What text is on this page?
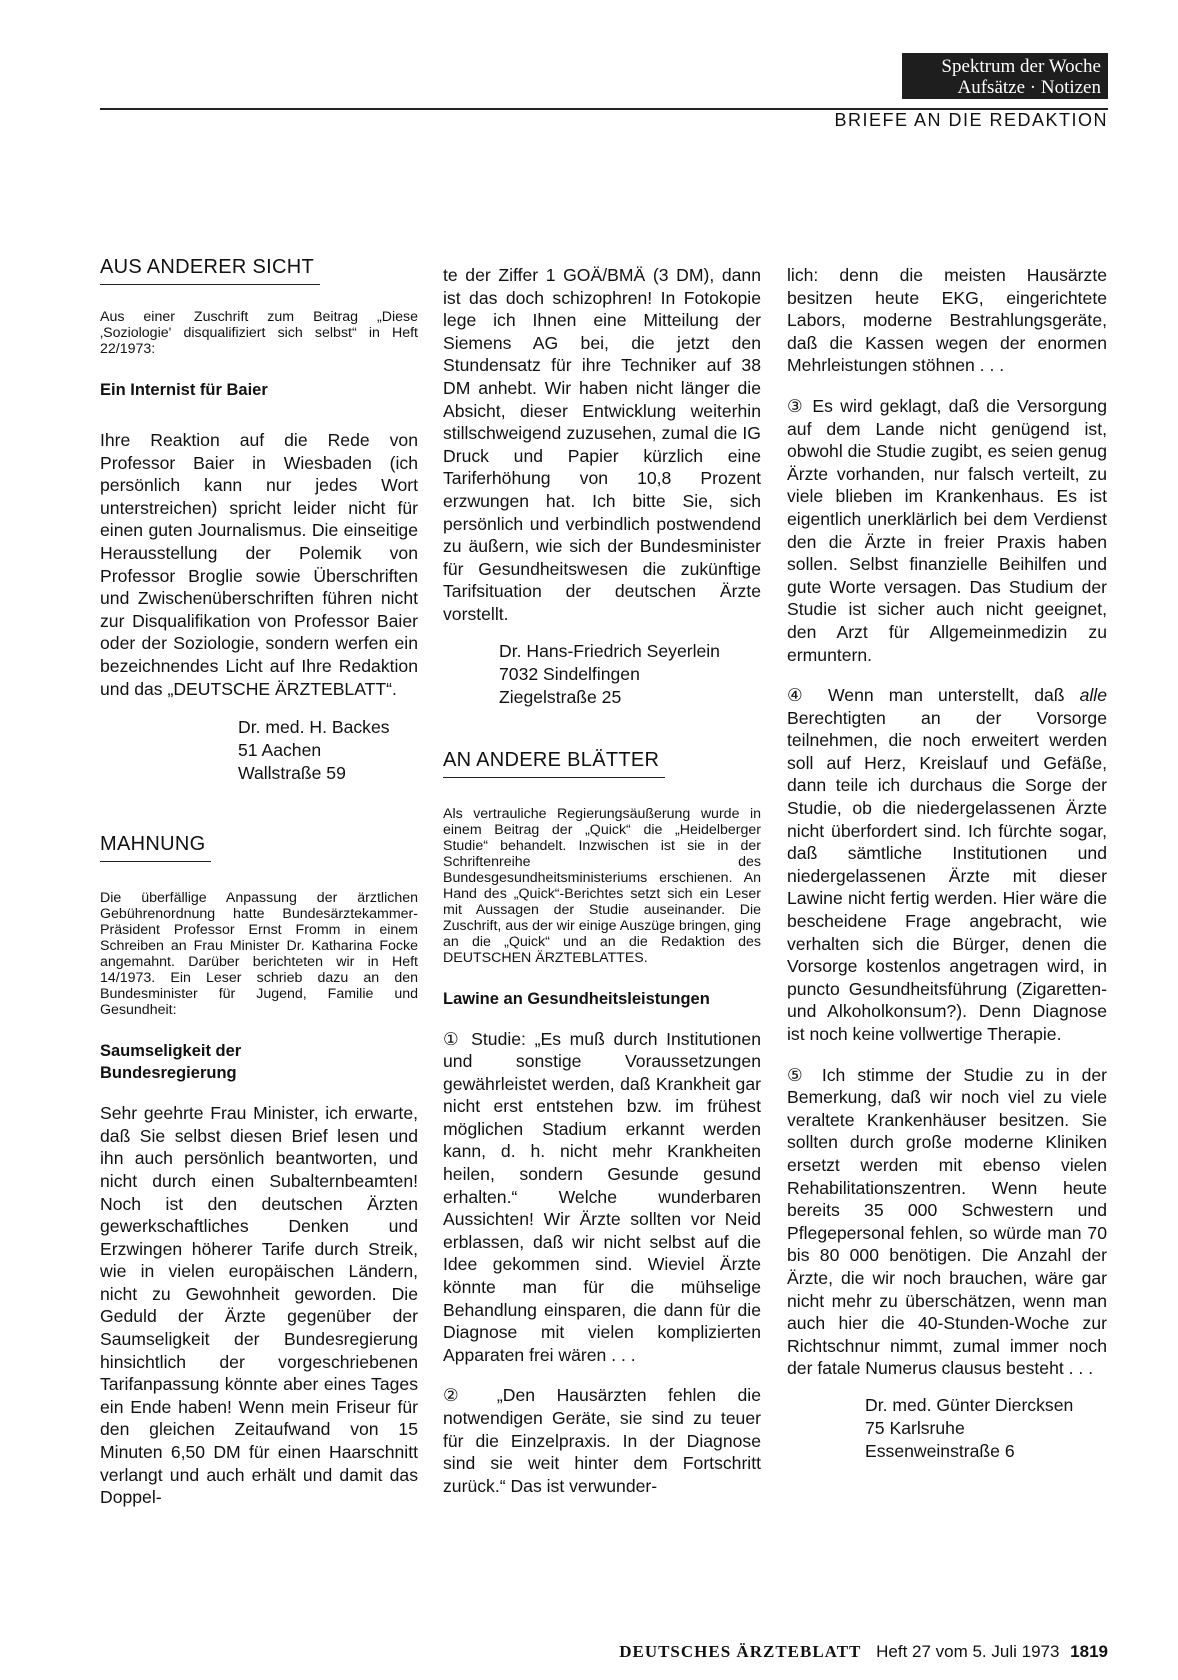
Spektrum der Woche
Aufsätze · Notizen
BRIEFE AN DIE REDAKTION
AUS ANDERER SICHT

Aus einer Zuschrift zum Beitrag „Diese ‚Soziologie' disqualifiziert sich selbst“ in Heft 22/1973:

Ein Internist für Baier

Ihre Reaktion auf die Rede von Professor Baier in Wiesbaden (ich persönlich kann nur jedes Wort unterstreichen) spricht leider nicht für einen guten Journalismus. Die einseitige Herausstellung der Polemik von Professor Broglie sowie Überschriften und Zwischenüberschriften führen nicht zur Disqualifikation von Professor Baier oder der Soziologie, sondern werfen ein bezeichnendes Licht auf Ihre Redaktion und das „DEUTSCHE ÄRZTEBLATT“.

Dr. med. H. Backes
51 Aachen
Wallstraße 59

MAHNUNG

Die überfällige Anpassung der ärztlichen Gebührenordnung hatte Bundesärztekammer-Präsident Professor Ernst Fromm in einem Schreiben an Frau Minister Dr. Katharina Focke angemahnt. Darüber berichteten wir in Heft 14/1973. Ein Leser schrieb dazu an den Bundesminister für Jugend, Familie und Gesundheit:

Saumseligkeit der Bundesregierung

Sehr geehrte Frau Minister, ich erwarte, daß Sie selbst diesen Brief lesen und ihn auch persönlich beantworten, und nicht durch einen Subalternbeamten! Noch ist den deutschen Ärzten gewerkschaftliches Denken und Erzwingen höherer Tarife durch Streik, wie in vielen europäischen Ländern, nicht zu Gewohnheit geworden. Die Geduld der Ärzte gegenüber der Saumseligkeit der Bundesregierung hinsichtlich der vorgeschriebenen Tarifanpassung könnte aber eines Tages ein Ende haben! Wenn mein Friseur für den gleichen Zeitaufwand von 15 Minuten 6,50 DM für einen Haarschnitt verlangt und auch erhält und damit das Doppel-

te der Ziffer 1 GOÄ/BMÄ (3 DM), dann ist das doch schizophren! In Fotokopie lege ich Ihnen eine Mitteilung der Siemens AG bei, die jetzt den Stundensatz für ihre Techniker auf 38 DM anhebt. Wir haben nicht länger die Absicht, dieser Entwicklung weiterhin stillschweigend zuzusehen, zumal die IG Druck und Papier kürzlich eine Tariferhöhung von 10,8 Prozent erzwungen hat. Ich bitte Sie, sich persönlich und verbindlich postwendend zu äußern, wie sich der Bundesminister für Gesundheitswesen die zukünftige Tarifsituation der deutschen Ärzte vorstellt.

Dr. Hans-Friedrich Seyerlein
7032 Sindelfingen
Ziegelstraße 25

AN ANDERE BLÄTTER

Als vertrauliche Regierungsäußerung wurde in einem Beitrag der „Quick“ die „Heidelberger Studie“ behandelt. Inzwischen ist sie in der Schriftenreihe des Bundesgesundheitsministeriums erschienen. An Hand des „Quick“-Berichtes setzt sich ein Leser mit Aussagen der Studie auseinander. Die Zuschrift, aus der wir einige Auszüge bringen, ging an die „Quick“ und an die Redaktion des DEUTSCHEN ÄRZTEBLATTES.

Lawine an Gesundheitsleistungen

① Studie: „Es muß durch Institutionen und sonstige Voraussetzungen gewährleistet werden, daß Krankheit gar nicht erst entstehen bzw. im frühest möglichen Stadium erkannt werden kann, d. h. nicht mehr Krankheiten heilen, sondern Gesunde gesund erhalten.“ Welche wunderbaren Aussichten! Wir Ärzte sollten vor Neid erblassen, daß wir nicht selbst auf die Idee gekommen sind. Wieviel Ärzte könnte man für die mühselige Behandlung einsparen, die dann für die Diagnose mit vielen komplizierten Apparaten frei wären . . .

② „Den Hausärzten fehlen die notwendigen Geräte, sie sind zu teuer für die Einzelpraxis. In der Diagnose sind sie weit hinter dem Fortschritt zurück.“ Das ist verwunder-

lich: denn die meisten Hausärzte besitzen heute EKG, eingerichtete Labors, moderne Bestrahlungsgeräte, daß die Kassen wegen der enormen Mehrleistungen stöhnen . . .

③ Es wird geklagt, daß die Versorgung auf dem Lande nicht genügend ist, obwohl die Studie zugibt, es seien genug Ärzte vorhanden, nur falsch verteilt, zu viele blieben im Krankenhaus. Es ist eigentlich unerklärlich bei dem Verdienst den die Ärzte in freier Praxis haben sollen. Selbst finanzielle Beihilfen und gute Worte versagen. Das Studium der Studie ist sicher auch nicht geeignet, den Arzt für Allgemeinmedizin zu ermuntern.

④ Wenn man unterstellt, daß alle Berechtigten an der Vorsorge teilnehmen, die noch erweitert werden soll auf Herz, Kreislauf und Gefäße, dann teile ich durchaus die Sorge der Studie, ob die niedergelassenen Ärzte nicht überfordert sind. Ich fürchte sogar, daß sämtliche Institutionen und niedergelassenen Ärzte mit dieser Lawine nicht fertig werden. Hier wäre die bescheidene Frage angebracht, wie verhalten sich die Bürger, denen die Vorsorge kostenlos angetragen wird, in puncto Gesundheitsführung (Zigaretten- und Alkoholkonsum?). Denn Diagnose ist noch keine vollwertige Therapie.

⑤ Ich stimme der Studie zu in der Bemerkung, daß wir noch viel zu viele veraltete Krankenhäuser besitzen. Sie sollten durch große moderne Kliniken ersetzt werden mit ebenso vielen Rehabilitationszentren. Wenn heute bereits 35 000 Schwestern und Pflegepersonal fehlen, so würde man 70 bis 80 000 benötigen. Die Anzahl der Ärzte, die wir noch brauchen, wäre gar nicht mehr zu überschätzen, wenn man auch hier die 40-Stunden-Woche zur Richtschnur nimmt, zumal immer noch der fatale Numerus clausus besteht . . .

Dr. med. Günter Diercksen
75 Karlsruhe
Essenweinstraße 6

DEUTSCHES ÄRZTEBLATT Heft 27 vom 5. Juli 1973 1819
